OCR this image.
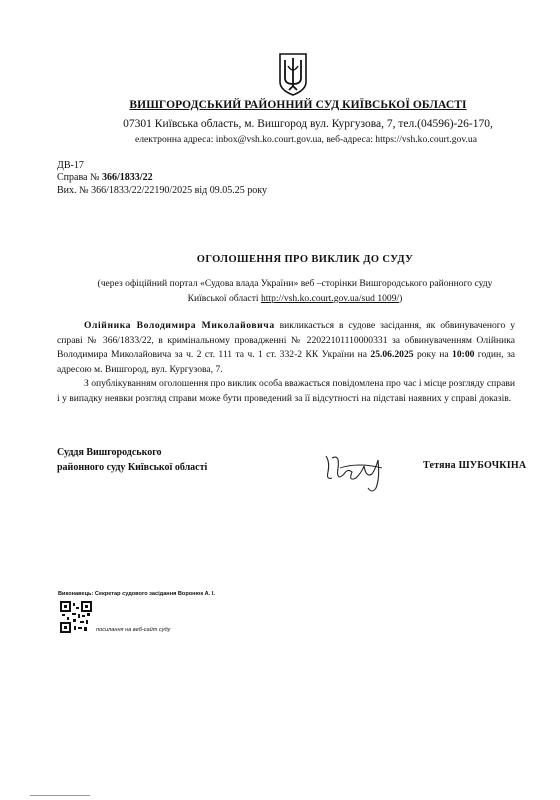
ВИШГОРОДСЬКИЙ РАЙОННИЙ СУД КИЇВСЬКОЇ ОБЛАСТІ
07301 Київська область, м. Вишгород вул. Кургузова, 7, тел.(04596)-26-170,
електронна адреса: inbox@vsh.ko.court.gov.ua, веб-адреса: https://vsh.ko.court.gov.ua
ДВ-17
Справа № 366/1833/22
Вих. № 366/1833/22/22190/2025 від 09.05.25 року
ОГОЛОШЕННЯ ПРО ВИКЛИК ДО СУДУ
(через офіційний портал «Судова влада України» веб –сторінки Вишгородського районного суду Київської області http://vsh.ko.court.gov.ua/sud 1009/)

Олійника Володимира Миколайовича викликається в судове засідання, як обвинуваченого у справі № 366/1833/22, в кримінальному провадженні № 22022101110000331 за обвинуваченням Олійника Володимира Миколайовича за ч. 2 ст. 111 та ч. 1 ст. 332-2 КК України на 25.06.2025 року на 10:00 годин, за адресою м. Вишгород, вул. Кургузова, 7.

З опублікуванням оголошення про виклик особа вважається повідомлена про час і місце розгляду справи і у випадку неявки розгляд справи може бути проведений за її відсутності на підставі наявних у справі доказів.

Суддя Вишгородського
районного суду Київської області	Тетяна ШУБОЧКІНА
Виконавець: Секретар судового засідання Воронюк А. І.
посилання на веб-сайт суду
